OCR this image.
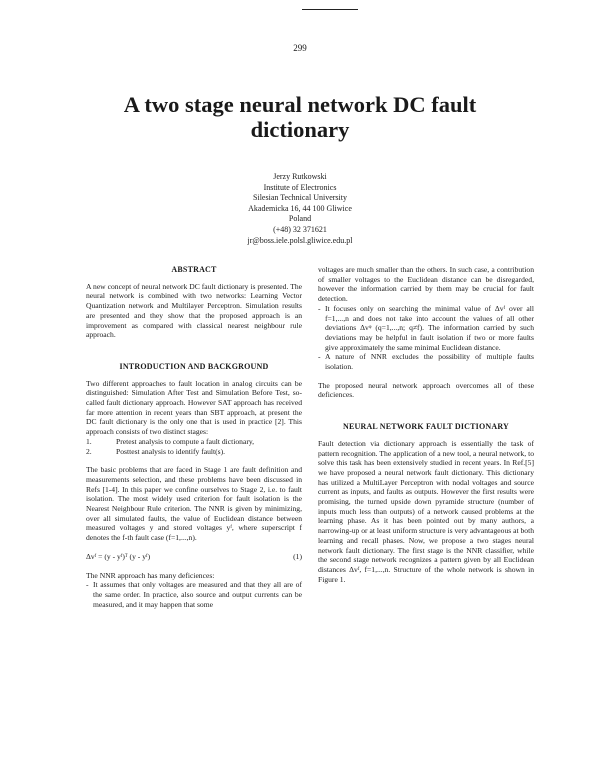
299
A two stage neural network DC fault
dictionary
Jerzy Rutkowski
Institute of Electronics
Silesian Technical University
Akademicka 16, 44 100 Gliwice
Poland
(+48) 32 371621
jr@boss.iele.polsl.gliwice.edu.pl
ABSTRACT

A new concept of neural network DC fault dictionary is presented. The neural network is combined with two networks: Learning Vector Quantization network and Multilayer Perceptron. Simulation results are presented and they show that the proposed approach is an improvement as compared with classical nearest neighbour rule approach.

INTRODUCTION AND BACKGROUND

Two different approaches to fault location in analog circuits can be distinguished: Simulation After Test and Simulation Before Test, so-called fault dictionary approach. However SAT approach has received far more attention in recent years than SBT approach, at present the DC fault dictionary is the only one that is used in practice [2]. This approach consists of two distinct stages:

1.	Pretest analysis to compute a fault dictionary,
2.	Posttest analysis to identify fault(s).

The basic problems that are faced in Stage 1 are fault definition and measurements selection, and these problems have been discussed in Refs [1-4]. In this paper we confine ourselves to Stage 2, i.e. to fault isolation. The most widely used criterion for fault isolation is the Nearest Neighbour Rule criterion. The NNR is given by minimizing, over all simulated faults, the value of Euclidean distance between measured voltages y and stored voltages yᶠ, where superscript f denotes the f-th fault case (f=1,...,n).

Δvᶠ = (y - yᶠ)ᵀ (y - yᶠ)	(1)

The NNR approach has many deficiences:

- It assumes that only voltages are measured and that they all are of the same order. In practice, also source and output currents can be measured, and it may happen that some

voltages are much smaller than the others. In such case, a contribution of smaller voltages to the Euclidean distance can be disregarded, however the information carried by them may be crucial for fault detection.

- It focuses only on searching the minimal value of Δvᶠ over all f=1,...,n and does not take into account the values of all other deviations Δvᵠ (q=1,...,n; q≠f). The information carried by such deviations may be helpful in fault isolation if two or more faults give approximately the same minimal Euclidean distance.
- A nature of NNR excludes the possibility of multiple faults isolation.

The proposed neural network approach overcomes all of these deficiences.

NEURAL NETWORK FAULT DICTIONARY

Fault detection via dictionary approach is essentially the task of pattern recognition. The application of a new tool, a neural network, to solve this task has been extensively studied in recent years. In Ref.[5] we have proposed a neural network fault dictionary. This dictionary has utilized a MultiLayer Perceptron with nodal voltages and source current as inputs, and faults as outputs. However the first results were promising, the turned upside down pyramide structure (number of inputs much less than outputs) of a network caused problems at the learning phase. As it has been pointed out by many authors, a narrowing-up or at least uniform structure is very advantageous at both learning and recall phases. Now, we propose a two stages neural network fault dictionary. The first stage is the NNR classifier, while the second stage network recognizes a pattern given by all Euclidean distances Δvᶠ, f=1,...,n. Structure of the whole network is shown in Figure 1.
